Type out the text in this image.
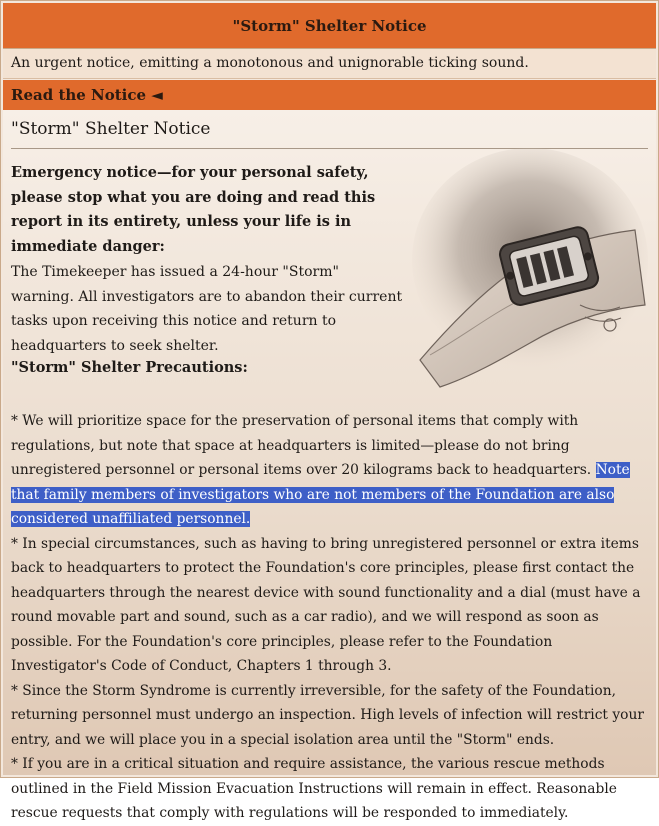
"Storm" Shelter Notice
An urgent notice, emitting a monotonous and unignorable ticking sound.
Read the Notice ◄
"Storm" Shelter Notice

Emergency notice—for your personal safety, please stop what you are doing and read this report in its entirety, unless your life is in immediate danger:

The Timekeeper has issued a 24-hour "Storm" warning. All investigators are to abandon their current tasks upon receiving this notice and return to headquarters to seek shelter.

"Storm" Shelter Precautions:

* We will prioritize space for the preservation of personal items that comply with regulations, but note that space at headquarters is limited—please do not bring unregistered personnel or personal items over 20 kilograms back to headquarters. Note that family members of investigators who are not members of the Foundation are also considered unaffiliated personnel.

* In special circumstances, such as having to bring unregistered personnel or extra items back to headquarters to protect the Foundation's core principles, please first contact the headquarters through the nearest device with sound functionality and a dial (must have a round movable part and sound, such as a car radio), and we will respond as soon as possible. For the Foundation's core principles, please refer to the Foundation Investigator's Code of Conduct, Chapters 1 through 3.

* Since the Storm Syndrome is currently irreversible, for the safety of the Foundation, returning personnel must undergo an inspection. High levels of infection will restrict your entry, and we will place you in a special isolation area until the "Storm" ends.

* If you are in a critical situation and require assistance, the various rescue methods outlined in the Field Mission Evacuation Instructions will remain in effect. Reasonable rescue requests that comply with regulations will be responded to immediately.
